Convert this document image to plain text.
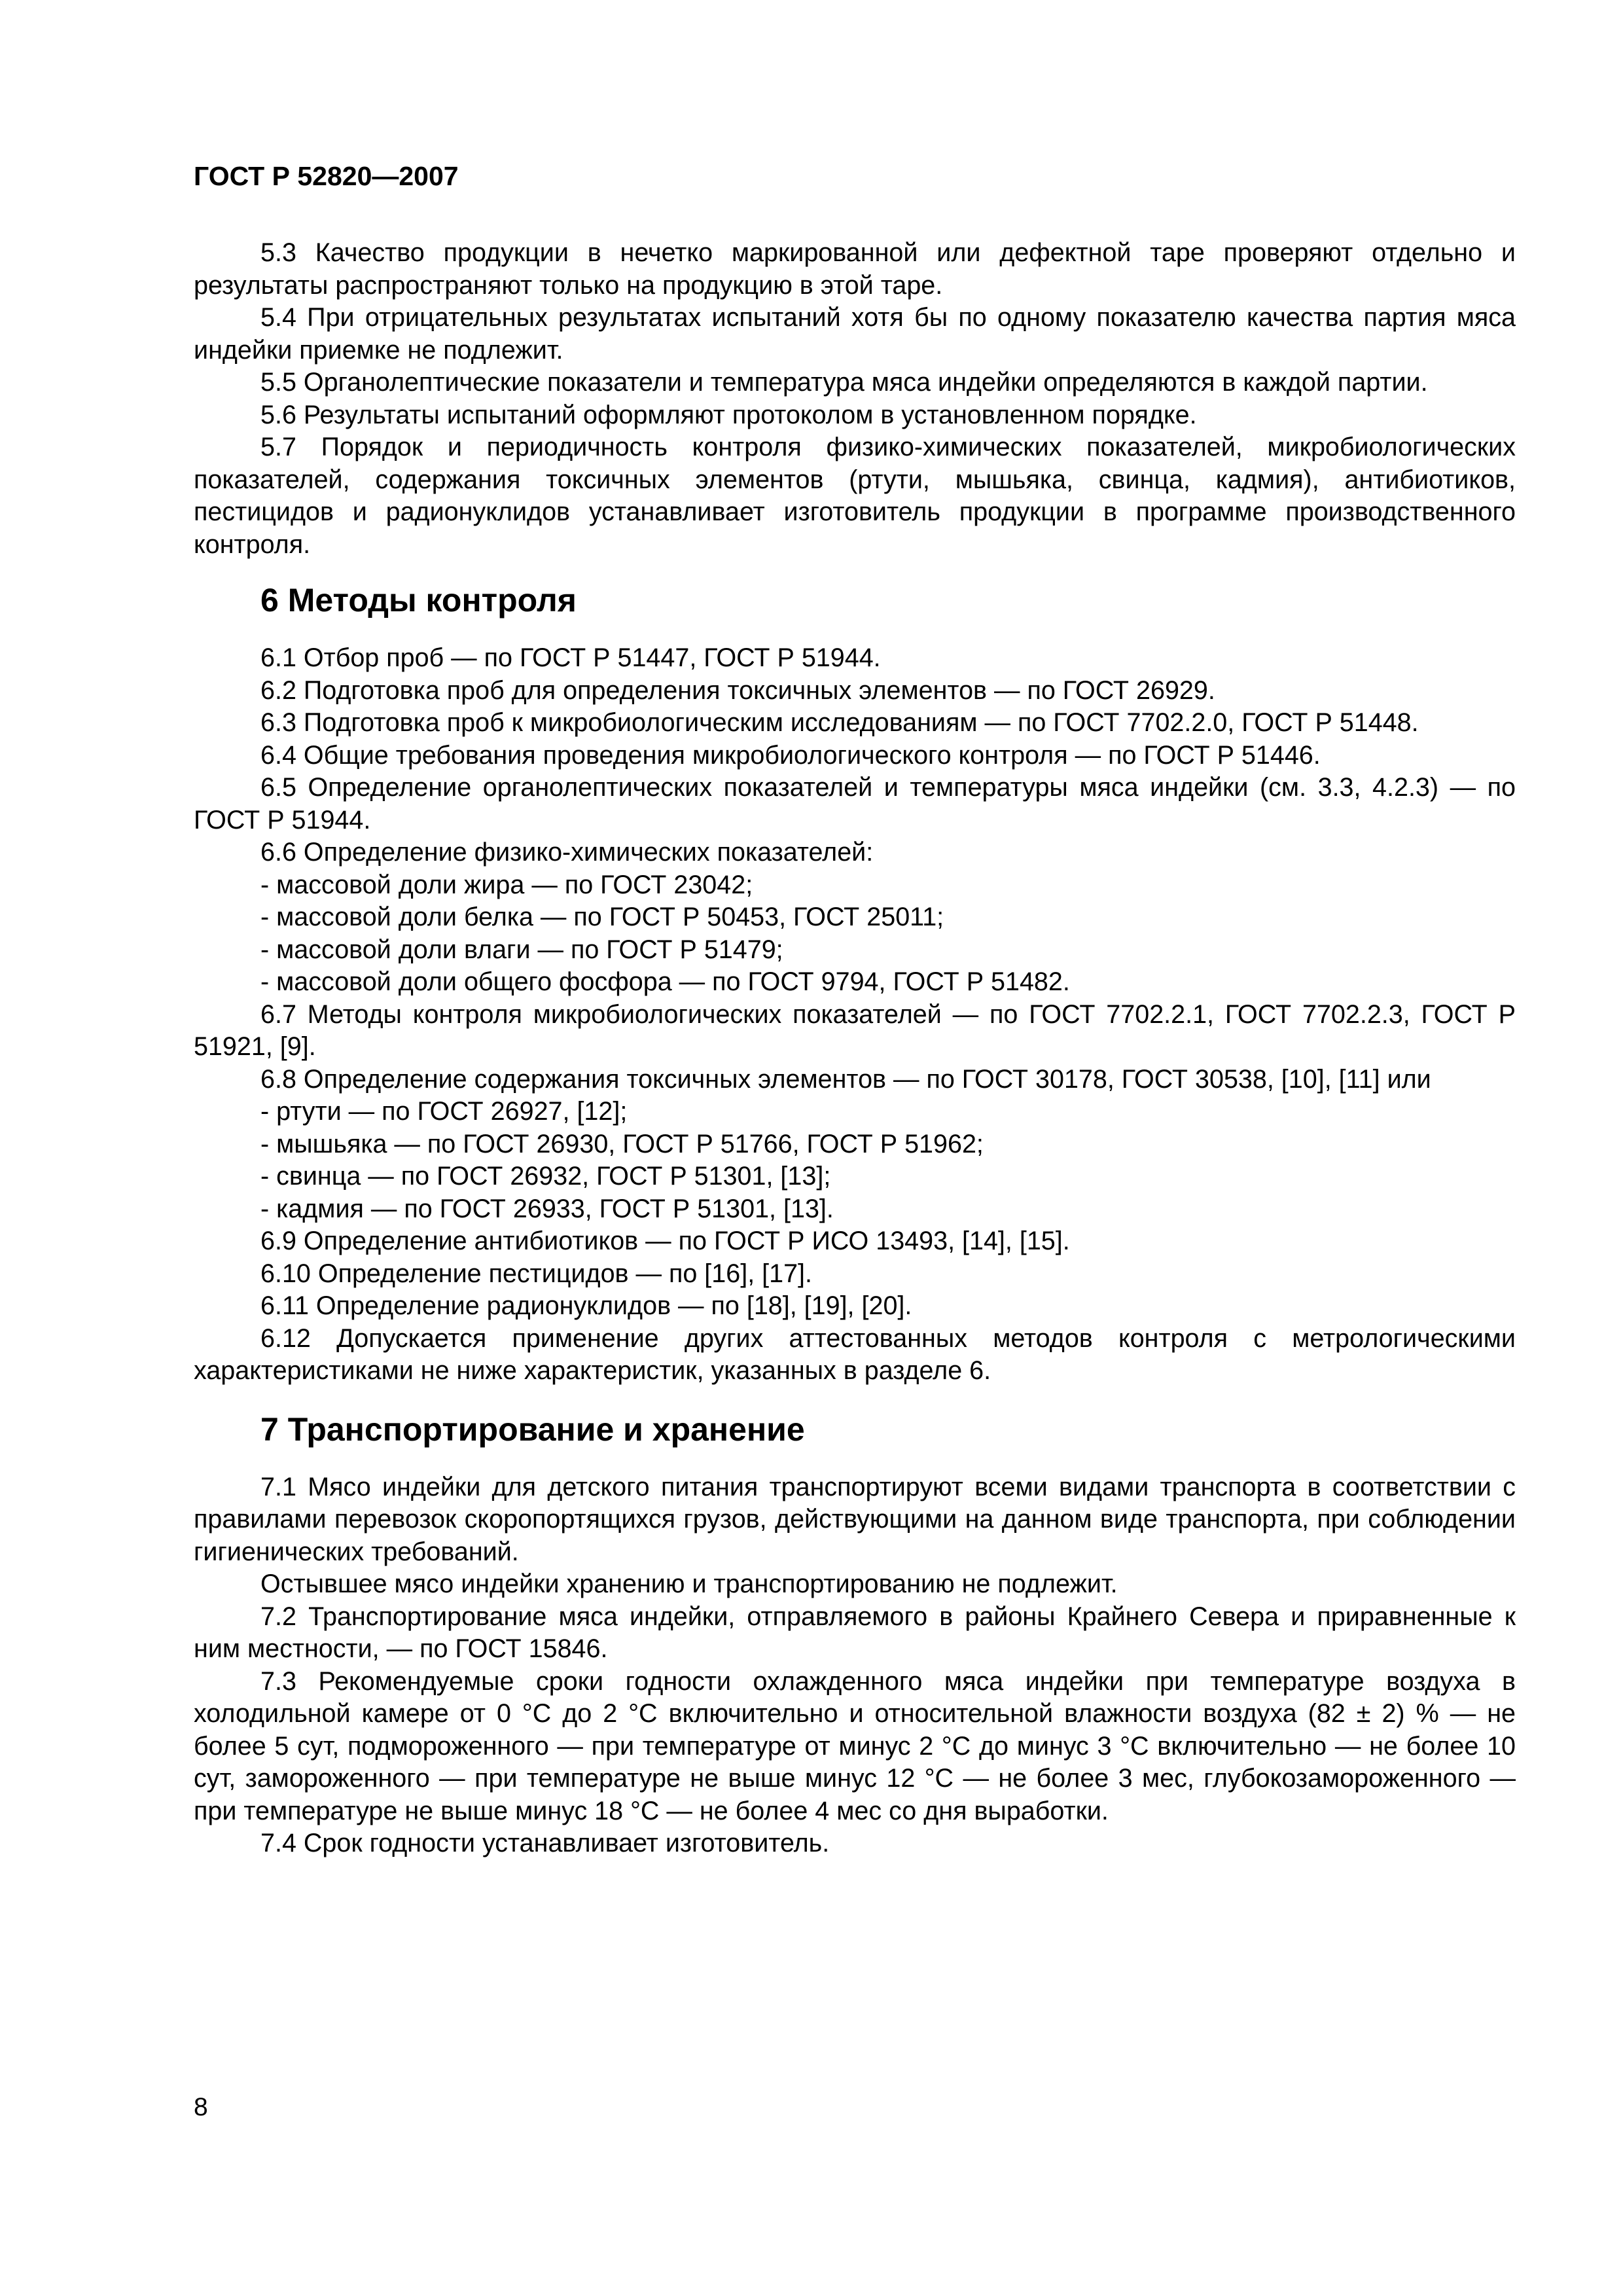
ГОСТ Р 52820—2007

5.3 Качество продукции в нечетко маркированной или дефектной таре проверяют отдельно и результаты распространяют только на продукцию в этой таре.

5.4 При отрицательных результатах испытаний хотя бы по одному показателю качества партия мяса индейки приемке не подлежит.

5.5 Органолептические показатели и температура мяса индейки определяются в каждой партии.

5.6 Результаты испытаний оформляют протоколом в установленном порядке.

5.7 Порядок и периодичность контроля физико-химических показателей, микробиологических показателей, содержания токсичных элементов (ртути, мышьяка, свинца, кадмия), антибиотиков, пестицидов и радионуклидов устанавливает изготовитель продукции в программе производственного контроля.

6 Методы контроля

6.1 Отбор проб — по ГОСТ Р 51447, ГОСТ Р 51944.

6.2 Подготовка проб для определения токсичных элементов — по ГОСТ 26929.

6.3 Подготовка проб к микробиологическим исследованиям — по ГОСТ 7702.2.0, ГОСТ Р 51448.

6.4 Общие требования проведения микробиологического контроля — по ГОСТ Р 51446.

6.5 Определение органолептических показателей и температуры мяса индейки (см. 3.3, 4.2.3) — по ГОСТ Р 51944.

6.6 Определение физико-химических показателей:

- массовой доли жира — по ГОСТ 23042;

- массовой доли белка — по ГОСТ Р 50453, ГОСТ 25011;

- массовой доли влаги — по ГОСТ Р 51479;

- массовой доли общего фосфора — по ГОСТ 9794, ГОСТ Р 51482.

6.7 Методы контроля микробиологических показателей — по ГОСТ 7702.2.1, ГОСТ 7702.2.3, ГОСТ Р 51921, [9].

6.8 Определение содержания токсичных элементов — по ГОСТ 30178, ГОСТ 30538, [10], [11] или

- ртути — по ГОСТ 26927, [12];

- мышьяка — по ГОСТ 26930, ГОСТ Р 51766, ГОСТ Р 51962;

- свинца — по ГОСТ 26932, ГОСТ Р 51301, [13];

- кадмия — по ГОСТ 26933, ГОСТ Р 51301, [13].

6.9 Определение антибиотиков — по ГОСТ Р ИСО 13493, [14], [15].

6.10 Определение пестицидов — по [16], [17].

6.11 Определение радионуклидов — по [18], [19], [20].

6.12 Допускается применение других аттестованных методов контроля с метрологическими характеристиками не ниже характеристик, указанных в разделе 6.

7 Транспортирование и хранение

7.1 Мясо индейки для детского питания транспортируют всеми видами транспорта в соответствии с правилами перевозок скоропортящихся грузов, действующими на данном виде транспорта, при соблюдении гигиенических требований.

Остывшее мясо индейки хранению и транспортированию не подлежит.

7.2 Транспортирование мяса индейки, отправляемого в районы Крайнего Севера и приравненные к ним местности, — по ГОСТ 15846.

7.3 Рекомендуемые сроки годности охлажденного мяса индейки при температуре воздуха в холодильной камере от 0 °С до 2 °С включительно и относительной влажности воздуха (82 ± 2) % — не более 5 сут, подмороженного — при температуре от минус 2 °С до минус 3 °С включительно — не более 10 сут, замороженного — при температуре не выше минус 12 °С — не более 3 мес, глубокозамороженного — при температуре не выше минус 18 °С — не более 4 мес со дня выработки.

7.4 Срок годности устанавливает изготовитель.

8
